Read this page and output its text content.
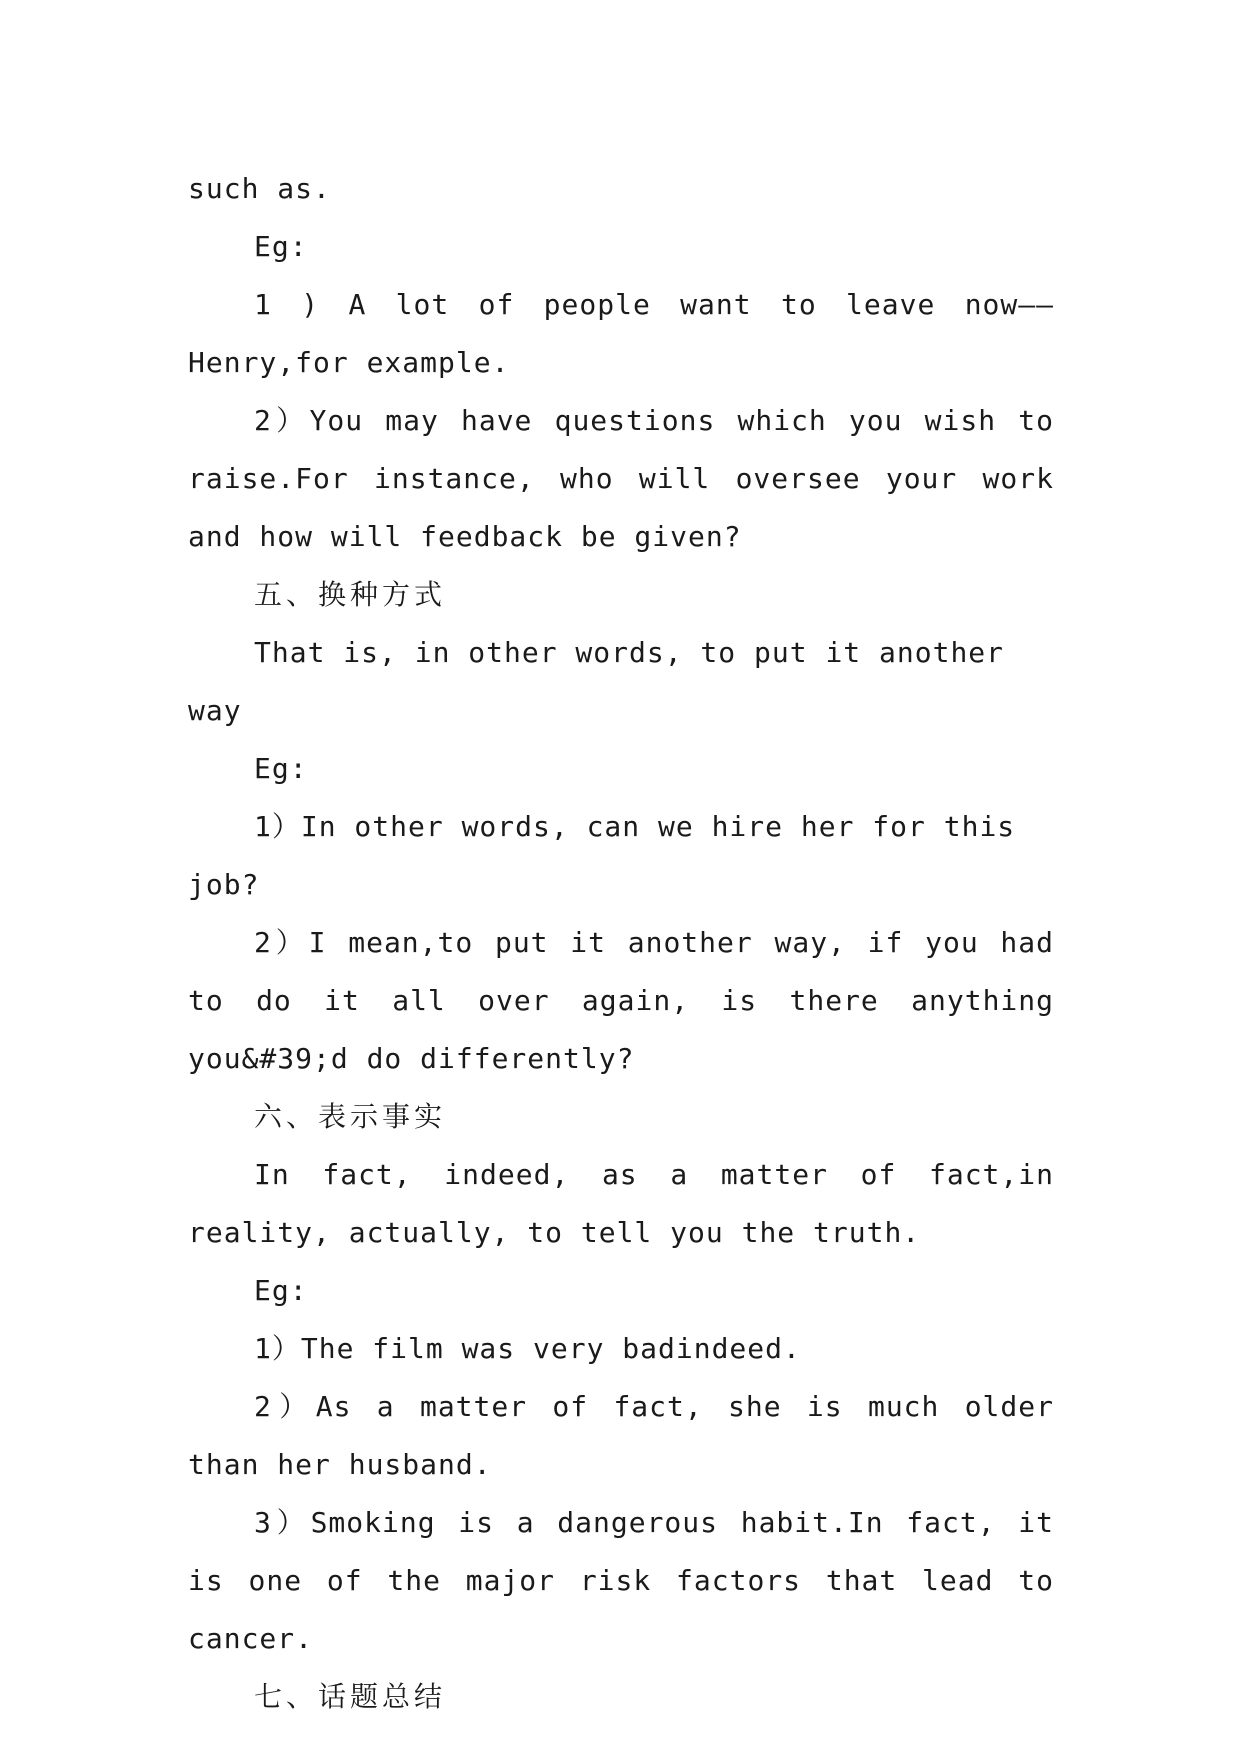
such as.

Eg:

1 ) A lot of people want to leave now——Henry,for example.

2）You may have questions which you wish to raise.For instance, who will oversee your work and how will feedback be given?

五、换种方式

That is, in other words, to put it another way

Eg:

1）In other words, can we hire her for this job?

2）I mean,to put it another way, if you had to do it all over again, is there anything you&#39;d do differently?

六、表示事实

In fact, indeed, as a matter of fact,in reality, actually, to tell you the truth.

Eg:

1）The film was very badindeed.

2）As a matter of fact, she is much older than her husband.

3）Smoking is a dangerous habit.In fact, it is one of the major risk factors that lead to cancer.

七、话题总结
